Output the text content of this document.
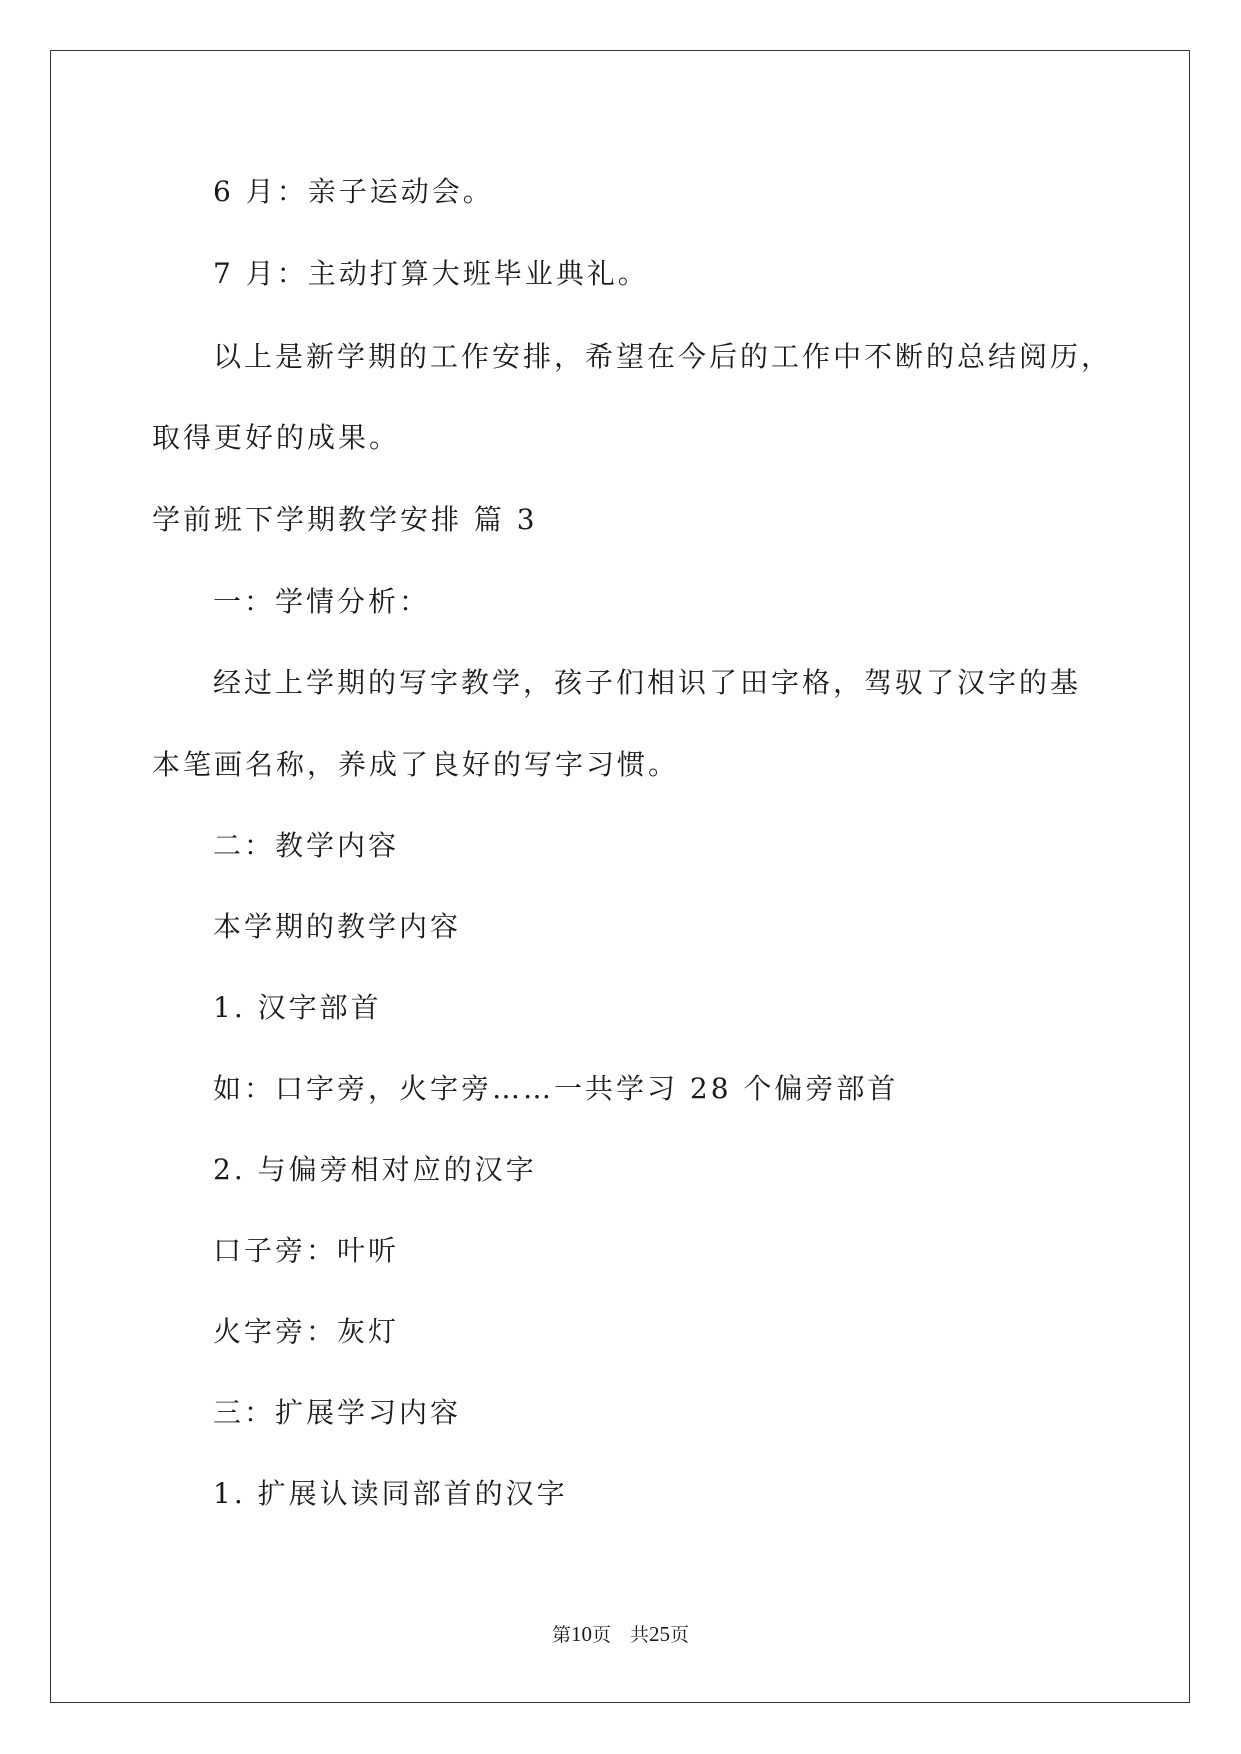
6 月：亲子运动会。
7 月：主动打算大班毕业典礼。
以上是新学期的工作安排，希望在今后的工作中不断的总结阅历，
取得更好的成果。
学前班下学期教学安排 篇 3
一：学情分析：
经过上学期的写字教学，孩子们相识了田字格，驾驭了汉字的基
本笔画名称，养成了良好的写字习惯。
二：教学内容
本学期的教学内容
1. 汉字部首
如：口字旁，火字旁……一共学习 28 个偏旁部首
2. 与偏旁相对应的汉字
口子旁：叶听
火字旁：灰灯
三：扩展学习内容
1. 扩展认读同部首的汉字
第10页　共25页
